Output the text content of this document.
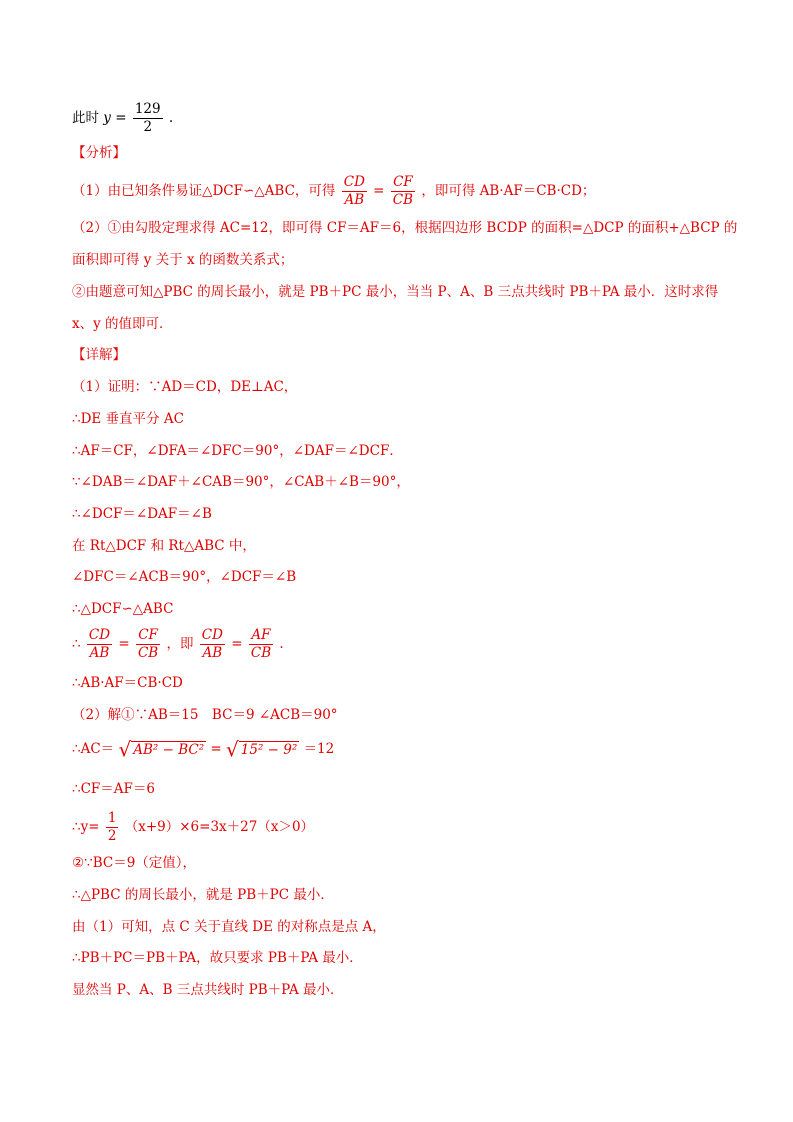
此时 $y = \frac{129}{2}$ .
【分析】
（1）由已知条件易证△DCF∽△ABC，可得 $\frac{CD}{AB} = \frac{CF}{CB}$ ，即可得 AB·AF＝CB·CD；
（2）①由勾股定理求得 AC=12，即可得 CF＝AF＝6，根据四边形 BCDP 的面积=△DCP 的面积+△BCP 的
面积即可得 y 关于 x 的函数关系式；
②由题意可知△PBC 的周长最小，就是 PB＋PC 最小，当当 P、A、B 三点共线时 PB＋PA 最小．这时求得
x、y 的值即可．
【详解】
（1）证明：∵AD＝CD，DE⊥AC，
∴DE 垂直平分 AC
∴AF＝CF，∠DFA＝∠DFC＝90°，∠DAF＝∠DCF．
∵∠DAB＝∠DAF＋∠CAB＝90°，∠CAB＋∠B＝90°，
∴∠DCF＝∠DAF＝∠B
在 Rt△DCF 和 Rt△ABC 中，
∠DFC＝∠ACB＝90°，∠DCF＝∠B
∴△DCF∽△ABC
∴ $\frac{CD}{AB} = \frac{CF}{CB}$ ，即 $\frac{CD}{AB} = \frac{AF}{CB}$ .
∴AB·AF＝CB·CD
（2）解①∵AB＝15　BC＝9 ∠ACB＝90°
∴AC＝ √ AB² − BC² = √ 15² − 9² ＝12
∴CF＝AF＝6
∴y= $\frac{1}{2} (x+9)\times 6=3x+27(x>0)$
②∵BC＝9（定值），
∴△PBC 的周长最小，就是 PB＋PC 最小．
由（1）可知，点 C 关于直线 DE 的对称点是点 A，
∴PB＋PC＝PB＋PA，故只要求 PB＋PA 最小．
显然当 P、A、B 三点共线时 PB＋PA 最小．
